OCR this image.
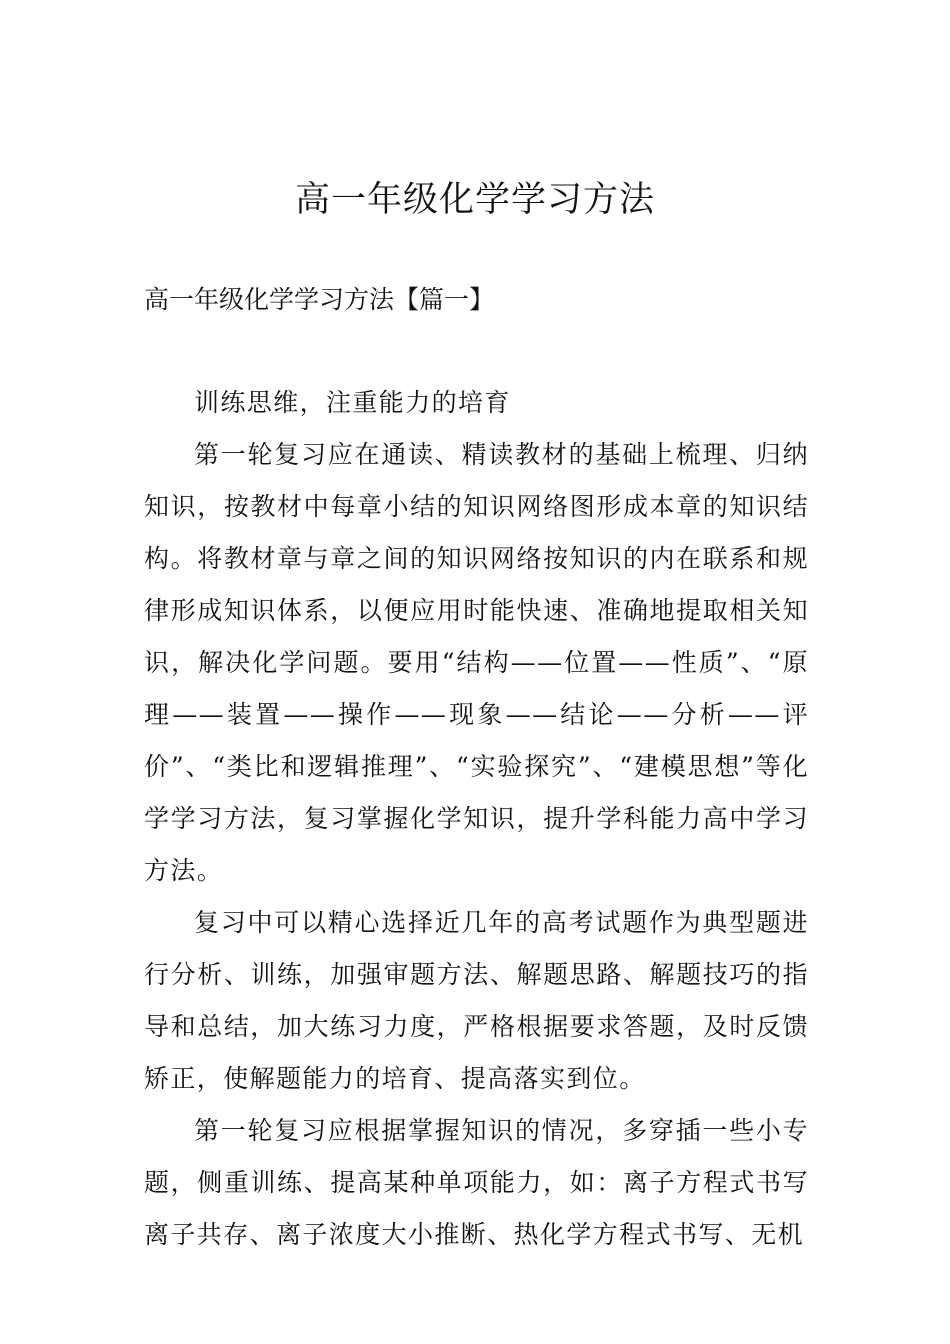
高一年级化学学习方法
高一年级化学学习方法【篇一】

训练思维，注重能力的培育

第一轮复习应在通读、精读教材的基础上梳理、归纳知识，按教材中每章小结的知识网络图形成本章的知识结构。将教材章与章之间的知识网络按知识的内在联系和规律形成知识体系，以便应用时能快速、准确地提取相关知识，解决化学问题。要用“结构——位置——性质”、“原理——装置——操作——现象——结论——分析——评价”、“类比和逻辑推理”、“实验探究”、“建模思想”等化学学习方法，复习掌握化学知识，提升学科能力高中学习方法。

复习中可以精心选择近几年的高考试题作为典型题进行分析、训练，加强审题方法、解题思路、解题技巧的指导和总结，加大练习力度，严格根据要求答题，及时反馈矫正，使解题能力的培育、提高落实到位。

第一轮复习应根据掌握知识的情况，多穿插一些小专题，侧重训练、提高某种单项能力，如：离子方程式书写离子共存、离子浓度大小推断、热化学方程式书写、无机
